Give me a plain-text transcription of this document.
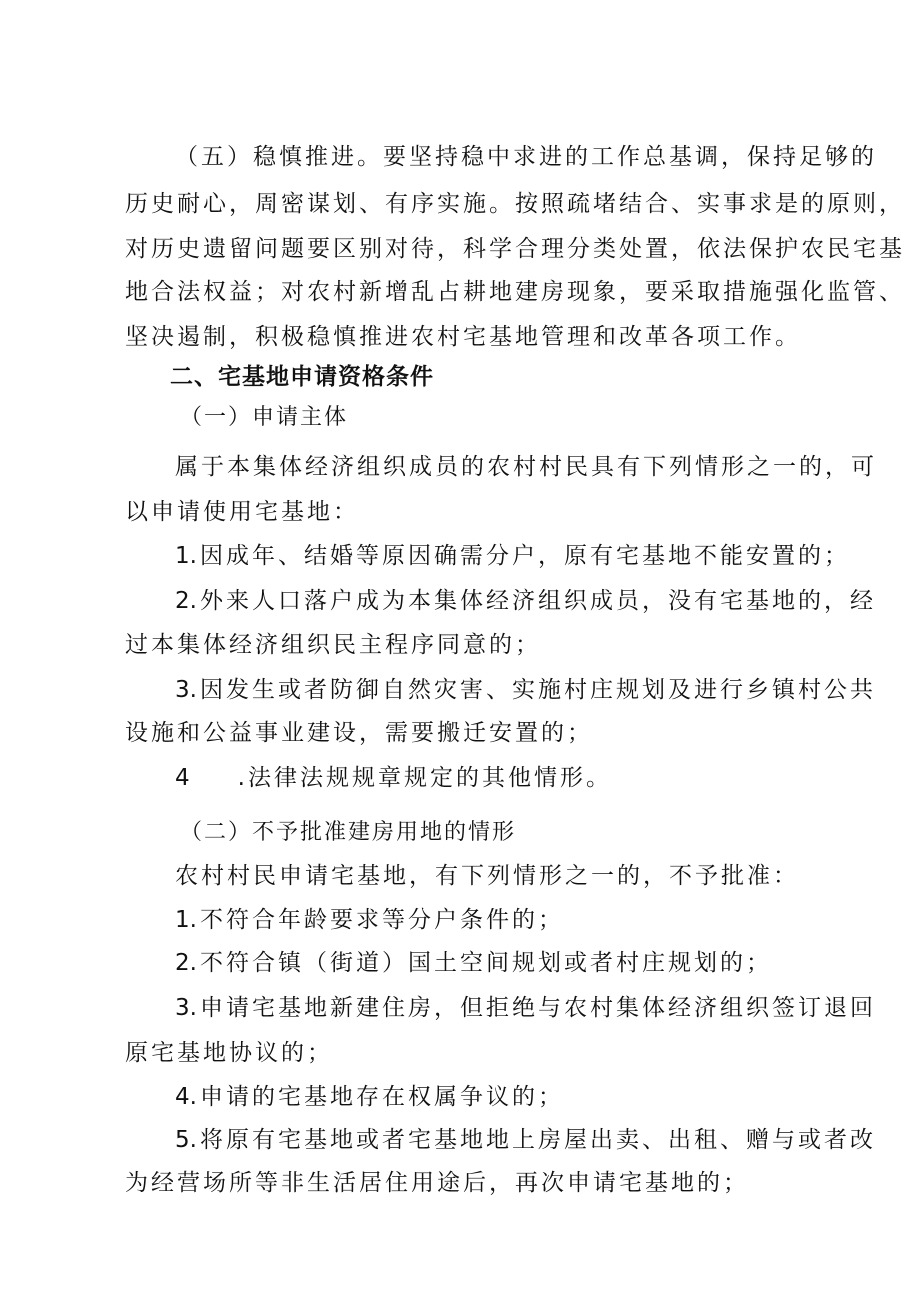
（五）稳慎推进。要坚持稳中求进的工作总基调，保持足够的
历史耐心，周密谋划、有序实施。按照疏堵结合、实事求是的原则，
对历史遗留问题要区别对待，科学合理分类处置，依法保护农民宅基
地合法权益；对农村新增乱占耕地建房现象，要采取措施强化监管、
坚决遏制，积极稳慎推进农村宅基地管理和改革各项工作。
二、宅基地申请资格条件
（一）申请主体
属于本集体经济组织成员的农村村民具有下列情形之一的，可
以申请使用宅基地：
1.因成年、结婚等原因确需分户，原有宅基地不能安置的；
2.外来人口落户成为本集体经济组织成员，没有宅基地的，经
过本集体经济组织民主程序同意的；
3.因发生或者防御自然灾害、实施村庄规划及进行乡镇村公共
设施和公益事业建设，需要搬迁安置的；
4 .法律法规规章规定的其他情形。
（二）不予批准建房用地的情形
农村村民申请宅基地，有下列情形之一的，不予批准：
1.不符合年龄要求等分户条件的；
2.不符合镇（街道）国土空间规划或者村庄规划的；
3.申请宅基地新建住房，但拒绝与农村集体经济组织签订退回
原宅基地协议的；
4.申请的宅基地存在权属争议的；
5.将原有宅基地或者宅基地地上房屋出卖、出租、赠与或者改
为经营场所等非生活居住用途后，再次申请宅基地的；
